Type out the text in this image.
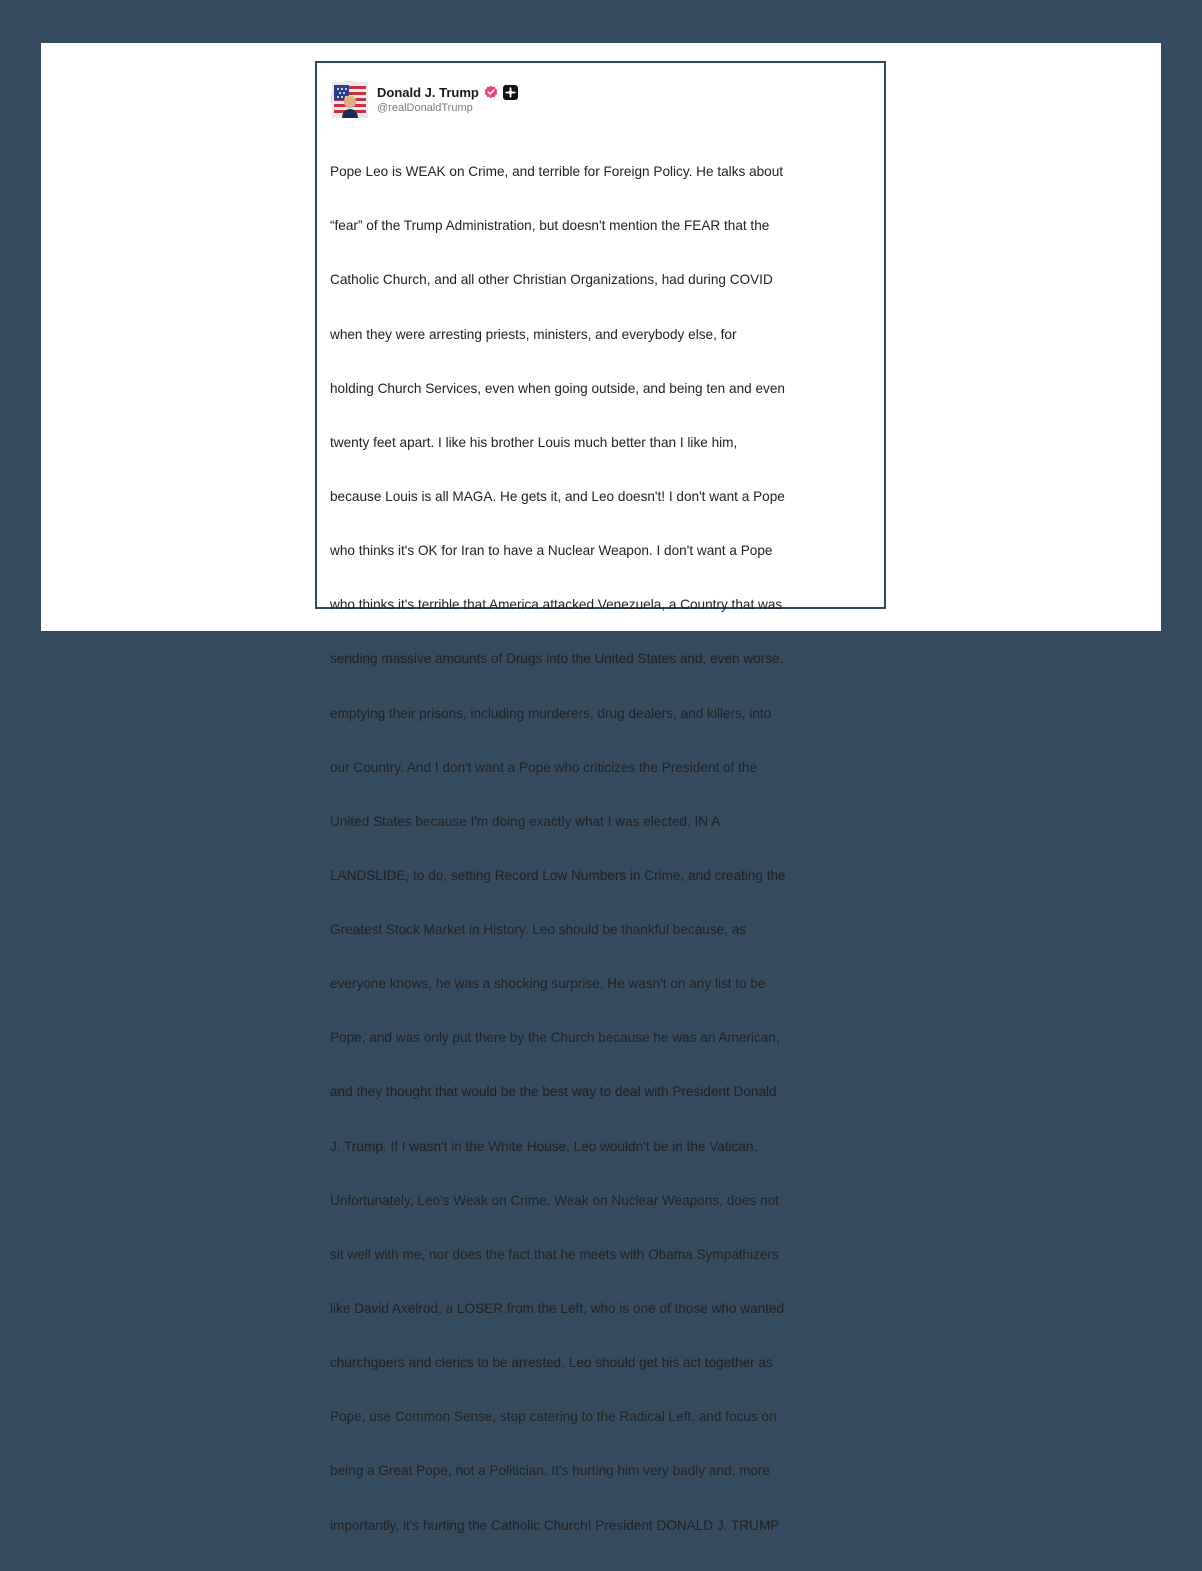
Donald J. Trump
@realDonaldTrump

Pope Leo is WEAK on Crime, and terrible for Foreign Policy. He talks about

“fear” of the Trump Administration, but doesn't mention the FEAR that the

Catholic Church, and all other Christian Organizations, had during COVID

when they were arresting priests, ministers, and everybody else, for

holding Church Services, even when going outside, and being ten and even

twenty feet apart. I like his brother Louis much better than I like him,

because Louis is all MAGA. He gets it, and Leo doesn't! I don't want a Pope

who thinks it's OK for Iran to have a Nuclear Weapon. I don't want a Pope

who thinks it's terrible that America attacked Venezuela, a Country that was

sending massive amounts of Drugs into the United States and, even worse,

emptying their prisons, including murderers, drug dealers, and killers, into

our Country. And I don't want a Pope who criticizes the President of the

United States because I'm doing exactly what I was elected, IN A

LANDSLIDE, to do, setting Record Low Numbers in Crime, and creating the

Greatest Stock Market in History. Leo should be thankful because, as

everyone knows, he was a shocking surprise. He wasn't on any list to be

Pope, and was only put there by the Church because he was an American,

and they thought that would be the best way to deal with President Donald

J. Trump. If I wasn't in the White House, Leo wouldn't be in the Vatican.

Unfortunately, Leo's Weak on Crime, Weak on Nuclear Weapons, does not

sit well with me, nor does the fact that he meets with Obama Sympathizers

like David Axelrod, a LOSER from the Left, who is one of those who wanted

churchgoers and clerics to be arrested. Leo should get his act together as

Pope, use Common Sense, stop catering to the Radical Left, and focus on

being a Great Pope, not a Politician. It's hurting him very badly and, more

importantly, it's hurting the Catholic Church! President DONALD J. TRUMP
